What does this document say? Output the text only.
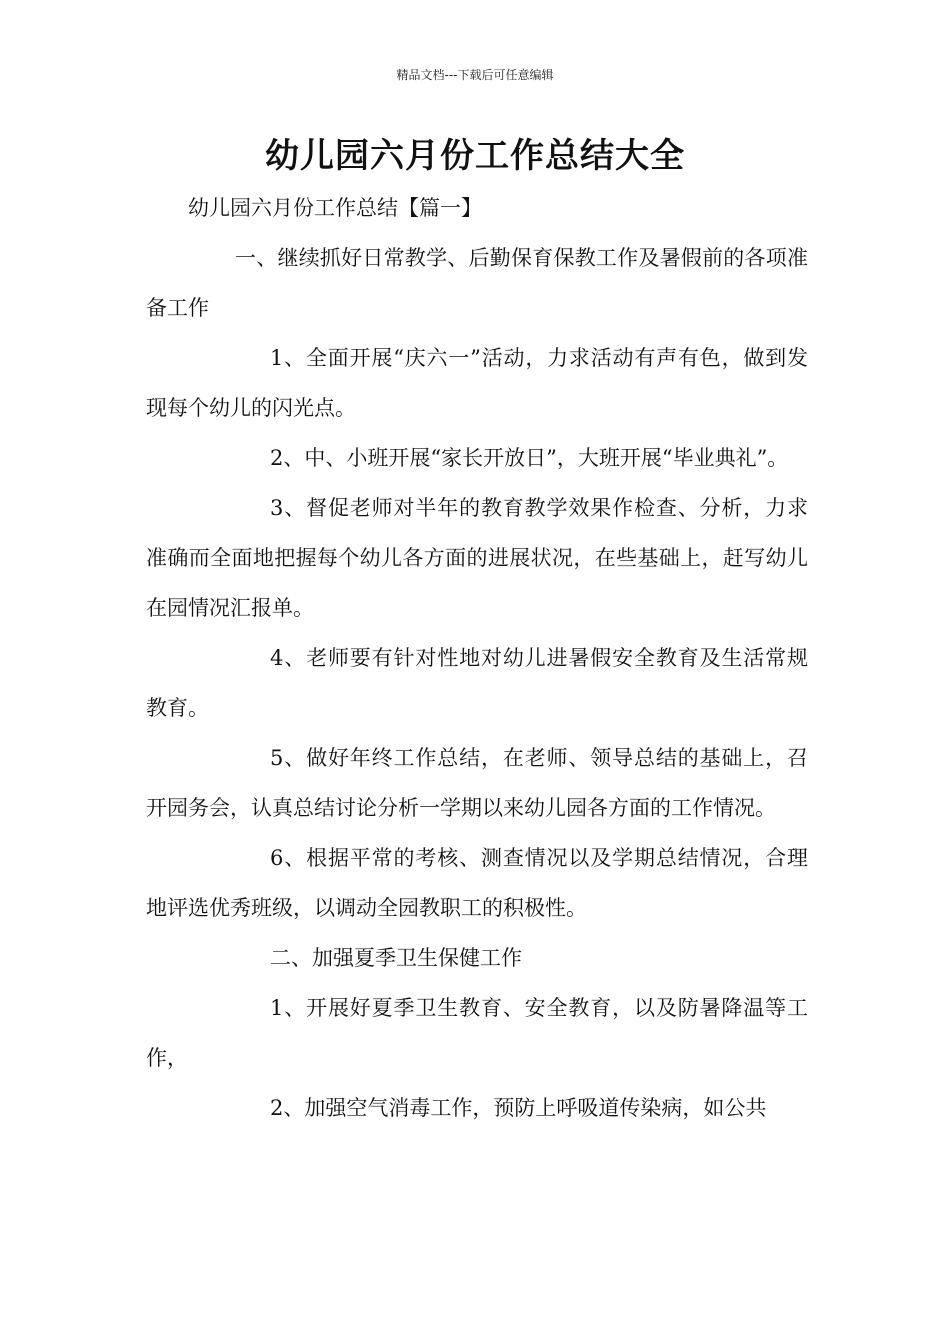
精品文档---下载后可任意编辑
幼儿园六月份工作总结大全

幼儿园六月份工作总结【篇一】

一、继续抓好日常教学、后勤保育保教工作及暑假前的各项准备工作

1、全面开展“庆六一”活动，力求活动有声有色，做到发现每个幼儿的闪光点。

2、中、小班开展“家长开放日”，大班开展“毕业典礼”。

3、督促老师对半年的教育教学效果作检查、分析，力求准确而全面地把握每个幼儿各方面的进展状况，在些基础上，赶写幼儿在园情况汇报单。

4、老师要有针对性地对幼儿进暑假安全教育及生活常规教育。

5、做好年终工作总结，在老师、领导总结的基础上，召开园务会，认真总结讨论分析一学期以来幼儿园各方面的工作情况。

6、根据平常的考核、测查情况以及学期总结情况，合理地评选优秀班级，以调动全园教职工的积极性。

二、加强夏季卫生保健工作

1、开展好夏季卫生教育、安全教育，以及防暑降温等工作，

2、加强空气消毒工作，预防上呼吸道传染病，如公共
